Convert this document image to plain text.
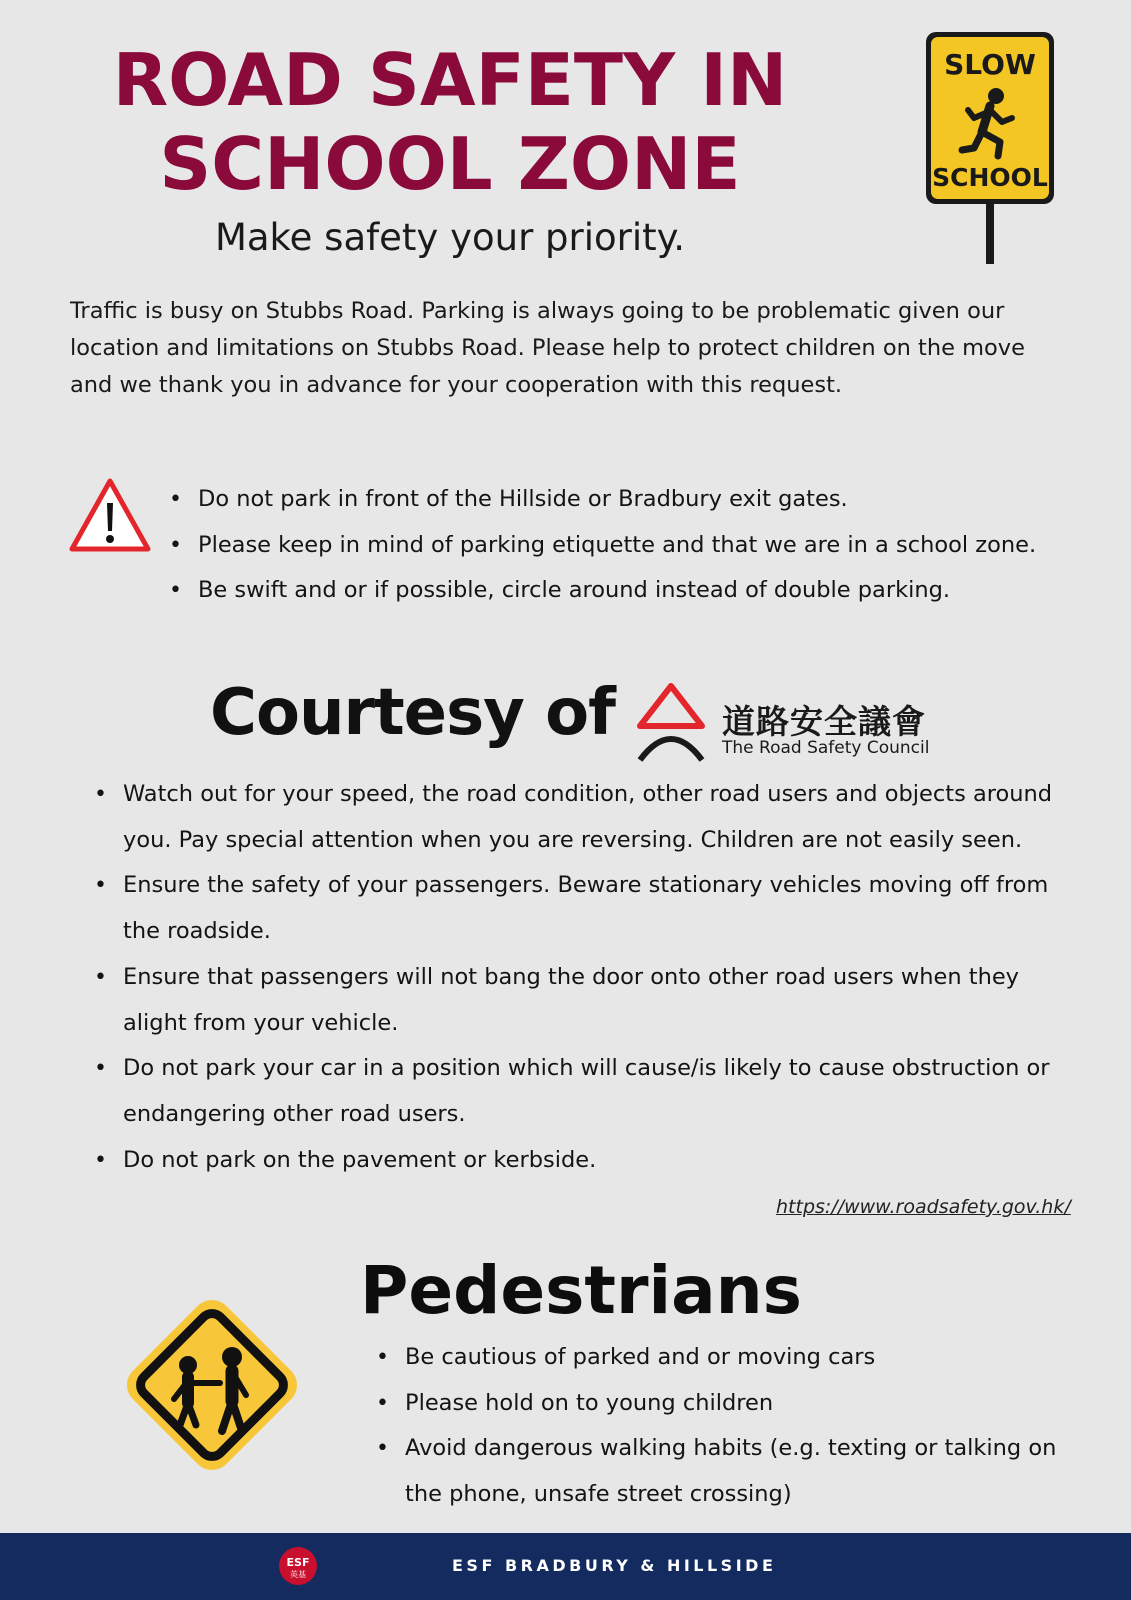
ROAD SAFETY IN SCHOOL ZONE
Make safety your priority.
SLOW
SCHOOL

Traffic is busy on Stubbs Road. Parking is always going to be problematic given our location and limitations on Stubbs Road. Please help to protect children on the move and we thank you in advance for your cooperation with this request.

• Do not park in front of the Hillside or Bradbury exit gates.
• Please keep in mind of parking etiquette and that we are in a school zone.
• Be swift and or if possible, circle around instead of double parking.
Courtesy of	道路安全議會
The Road Safety Council
• Watch out for your speed, the road condition, other road users and objects around you. Pay special attention when you are reversing. Children are not easily seen.
• Ensure the safety of your passengers. Beware stationary vehicles moving off from the roadside.
• Ensure that passengers will not bang the door onto other road users when they alight from your vehicle.
• Do not park your car in a position which will cause/is likely to cause obstruction or endangering other road users.
• Do not park on the pavement or kerbside.
https://www.roadsafety.gov.hk/
Pedestrians
• Be cautious of parked and or moving cars
• Please hold on to young children
• Avoid dangerous walking habits (e.g. texting or talking on the phone, unsafe street crossing)
ESF
英基	ESF BRADBURY & HILLSIDE
